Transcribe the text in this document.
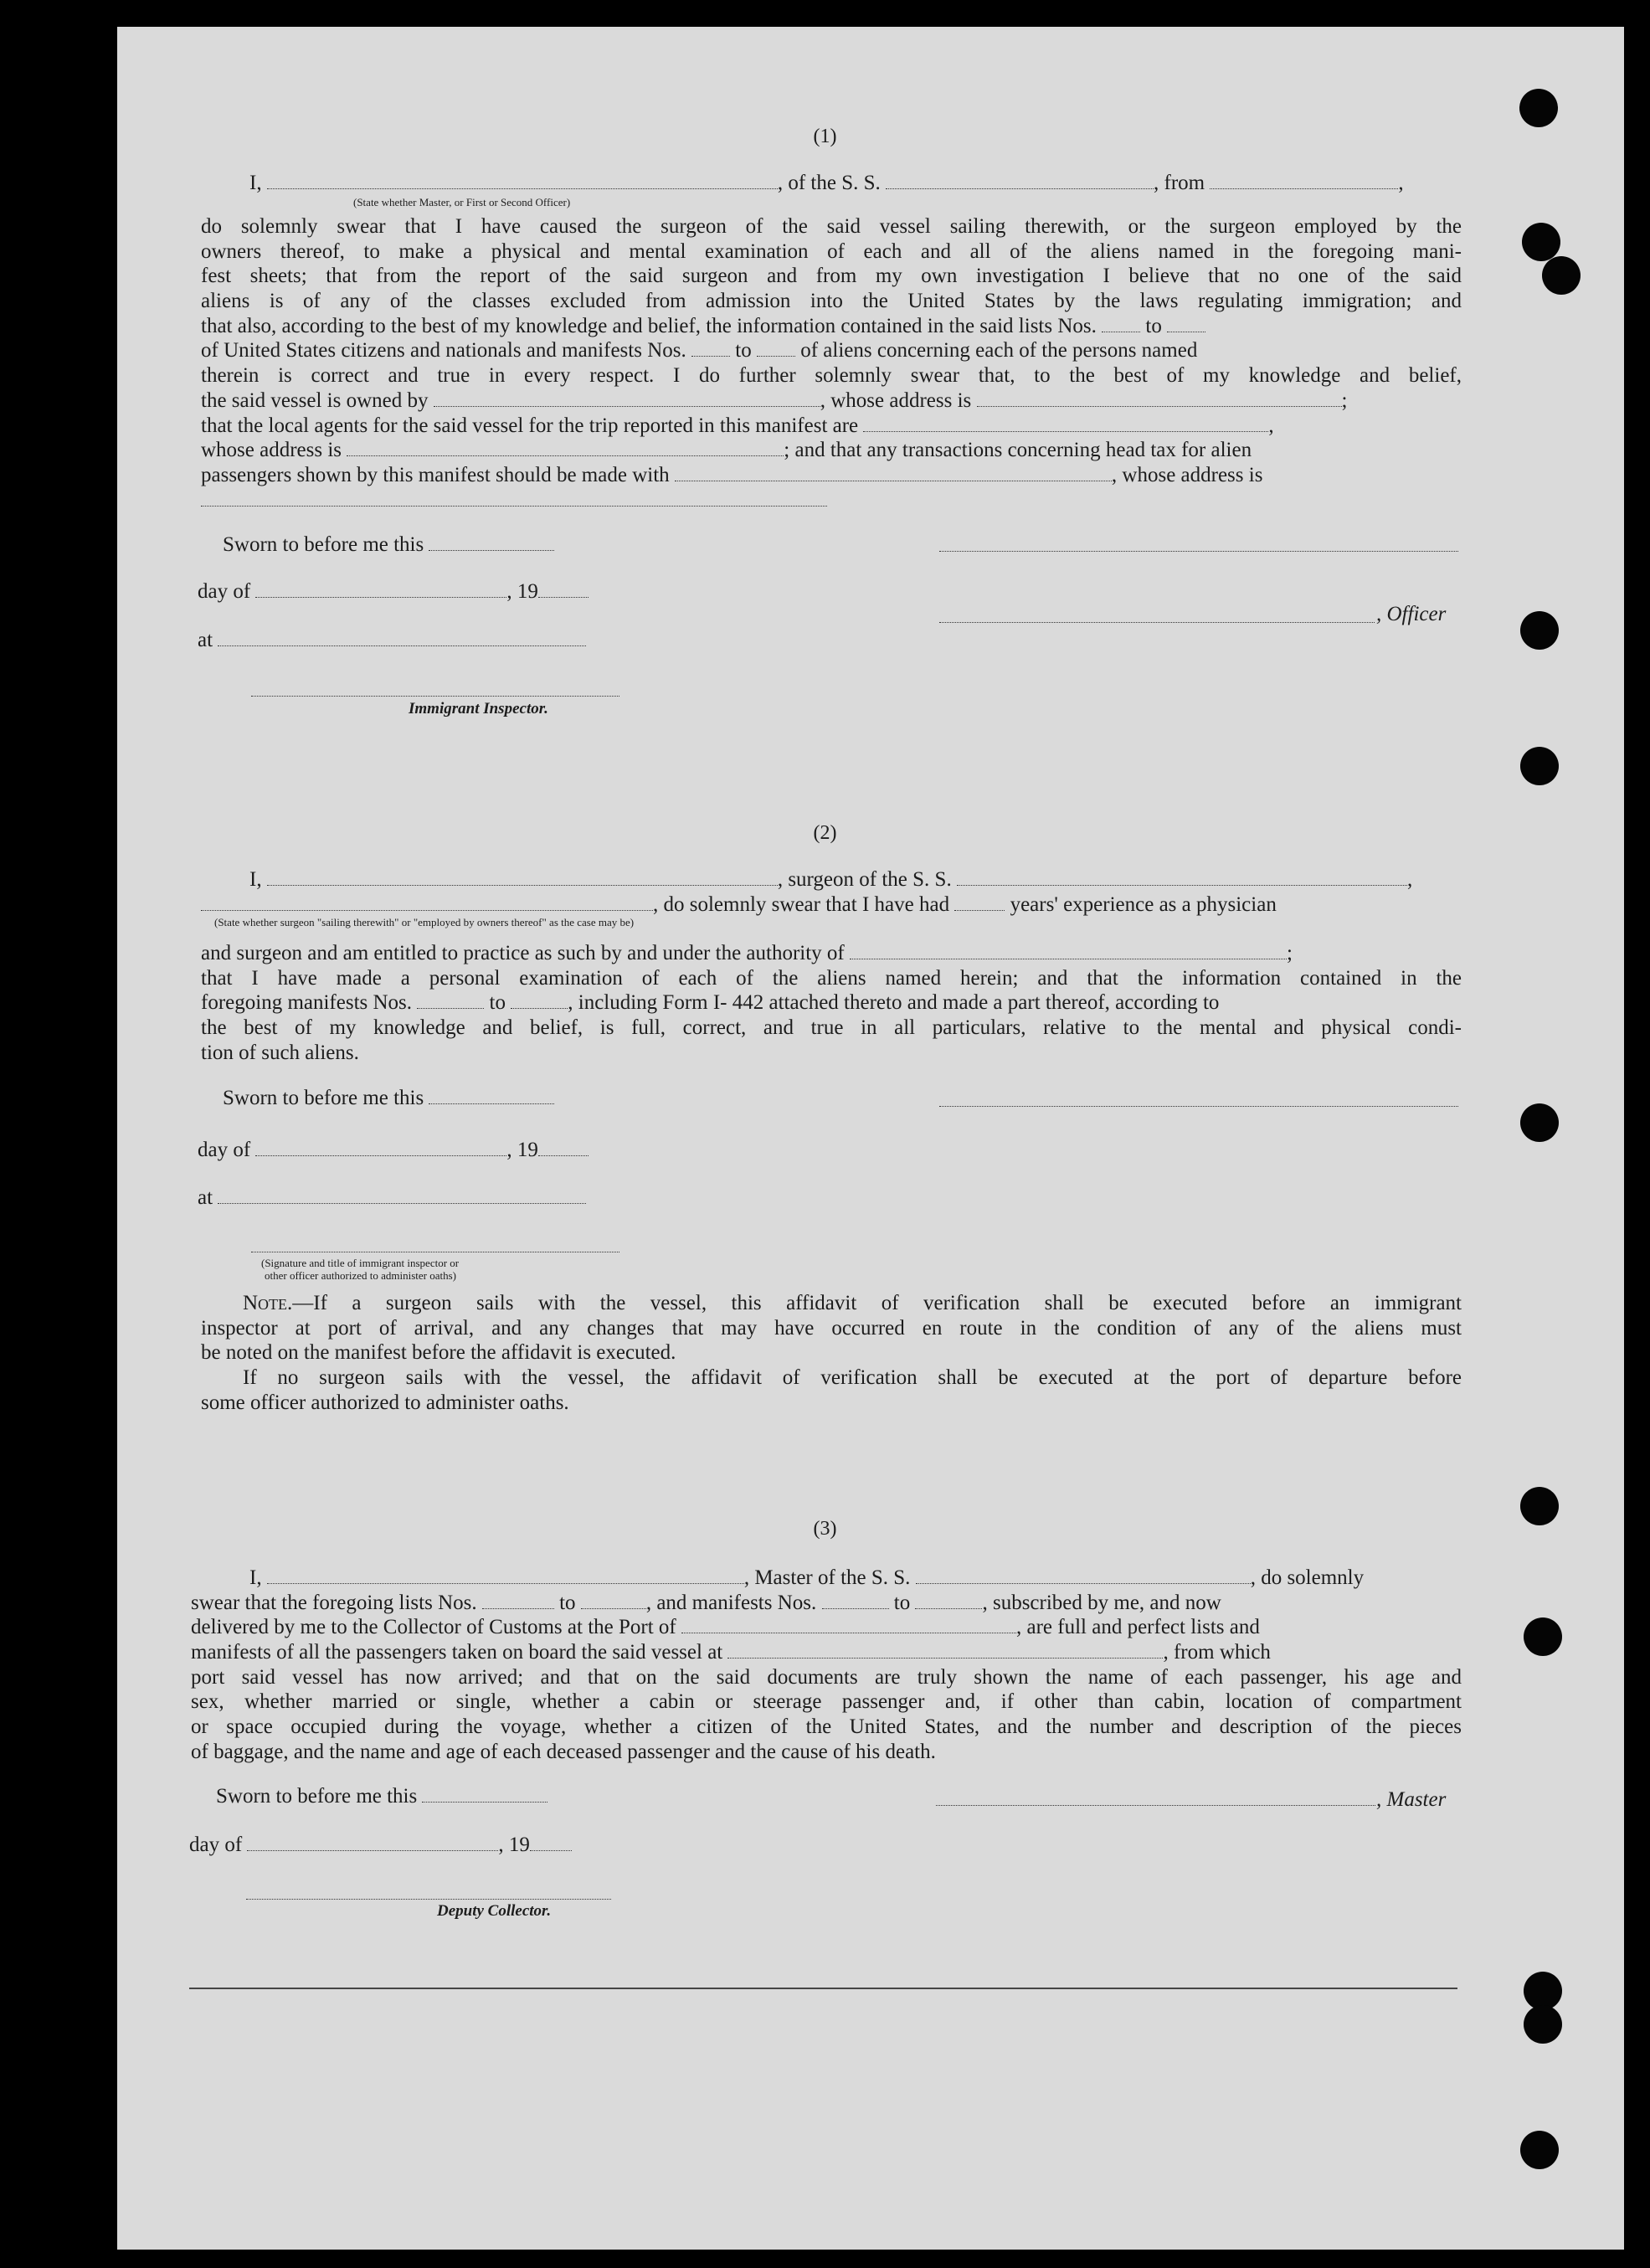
(1)
I,	, of the S. S.	, from	,
(State whether Master, or First or Second Officer)
do solemnly swear that I have caused the surgeon of the said vessel sailing therewith, or the surgeon employed by the
owners thereof, to make a physical and mental examination of each and all of the aliens named in the foregoing mani-
fest sheets; that from the report of the said surgeon and from my own investigation I believe that no one of the said
aliens is of any of the classes excluded from admission into the United States by the laws regulating immigration; and
that also, according to the best of my knowledge and belief, the information contained in the said lists Nos. to
of United States citizens and nationals and manifests Nos. to of aliens concerning each of the persons named
therein is correct and true in every respect. I do further solemnly swear that, to the best of my knowledge and belief,
the said vessel is owned by	, whose address is	;
that the local agents for the said vessel for the trip reported in this manifest are	,
whose address is	; and that any transactions concerning head tax for alien
passengers shown by this manifest should be made with	, whose address is
Sworn to before me this
day of	, 19
, Officer
at
Immigrant Inspector.
(2)
I,	, surgeon of the S. S.	,
, do solemnly swear that I have had	years' experience as a physician
(State whether surgeon "sailing therewith" or "employed by owners thereof" as the case may be)
and surgeon and am entitled to practice as such by and under the authority of	;
that I have made a personal examination of each of the aliens named herein; and that the information contained in the
foregoing manifests Nos.	to	, including Form I- 442 attached thereto and made a part thereof, according to
the best of my knowledge and belief, is full, correct, and true in all particulars, relative to the mental and physical condi-
tion of such aliens.
Sworn to before me this
day of	, 19
at
(Signature and title of immigrant inspector or
other officer authorized to administer oaths)
Note.—If a surgeon sails with the vessel, this affidavit of verification shall be executed before an immigrant
inspector at port of arrival, and any changes that may have occurred en route in the condition of any of the aliens must
be noted on the manifest before the affidavit is executed.
If no surgeon sails with the vessel, the affidavit of verification shall be executed at the port of departure before
some officer authorized to administer oaths.
(3)
I,	, Master of the S. S.	, do solemnly
swear that the foregoing lists Nos.	to	, and manifests Nos.	to	, subscribed by me, and now
delivered by me to the Collector of Customs at the Port of	, are full and perfect lists and
manifests of all the passengers taken on board the said vessel at	, from which
port said vessel has now arrived; and that on the said documents are truly shown the name of each passenger, his age and
sex, whether married or single, whether a cabin or steerage passenger and, if other than cabin, location of compartment
or space occupied during the voyage, whether a citizen of the United States, and the number and description of the pieces
of baggage, and the name and age of each deceased passenger and the cause of his death.
Sworn to before me this	, Master
day of	, 19
Deputy Collector.
